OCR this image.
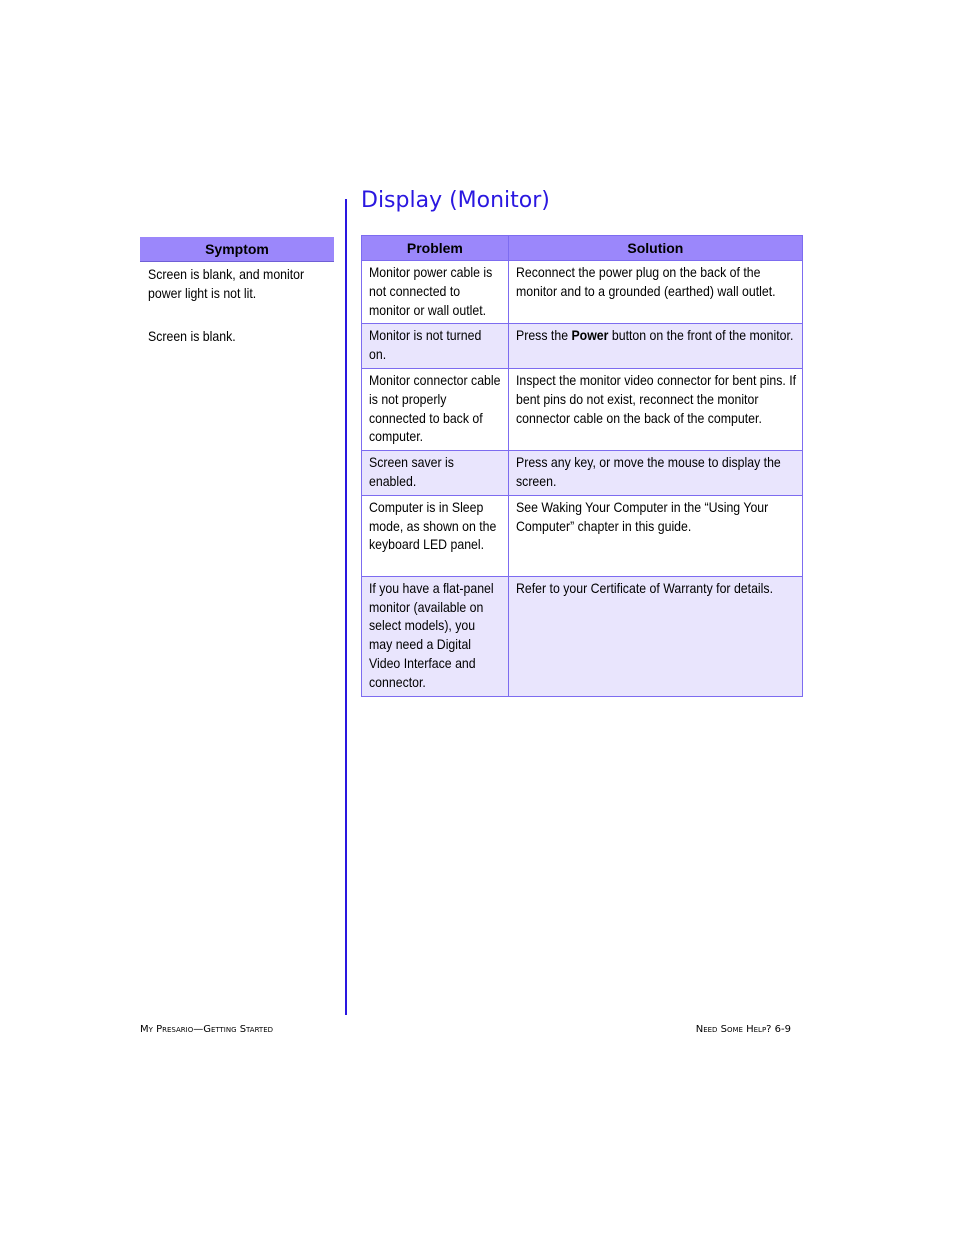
Display (Monitor)
Symptom
Screen is blank, and monitor power light is not lit.
Screen is blank.
Problem	Solution

Monitor power cable is not connected to monitor or wall outlet.	Reconnect the power plug on the back of the monitor and to a grounded (earthed) wall outlet.

Monitor is not turned on.	Press the Power button on the front of the monitor.

Monitor connector cable is not properly connected to back of computer.	Inspect the monitor video connector for bent pins. If bent pins do not exist, reconnect the monitor connector cable on the back of the computer.

Screen saver is enabled.	Press any key, or move the mouse to display the screen.

Computer is in Sleep mode, as shown on the keyboard LED panel.	See Waking Your Computer in the “Using Your Computer” chapter in this guide.

If you have a flat-panel monitor (available on select models), you may need a Digital Video Interface and connector.	Refer to your Certificate of Warranty for details.
My Presario—Getting Started	Need Some Help? 6-9
